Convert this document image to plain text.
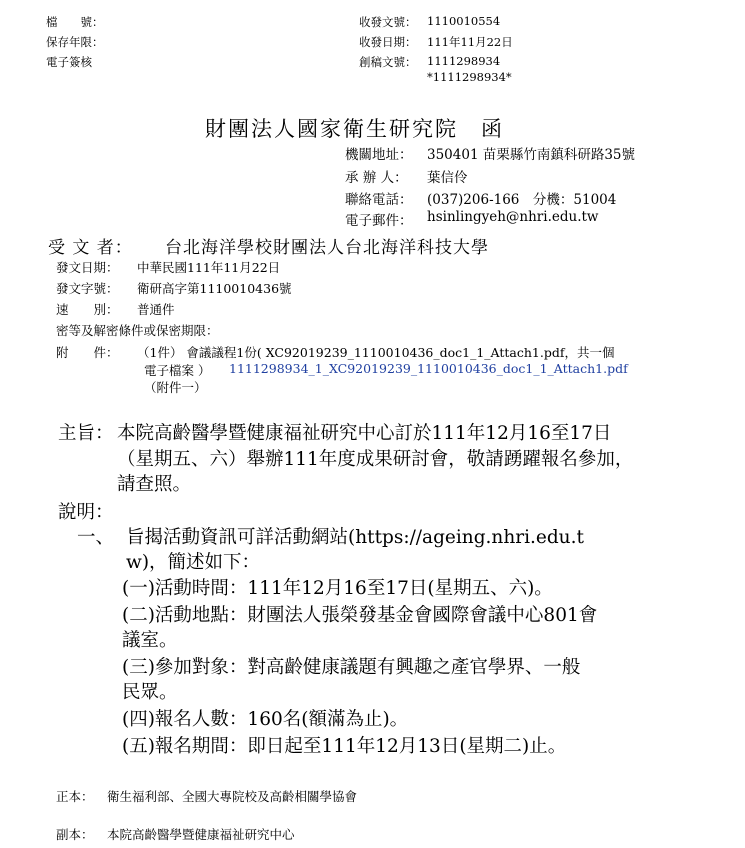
檔　　號：
保存年限：
電子簽核
收發文號：
收發日期：
創稿文號：
1110010554
111年11月22日
1111298934
*1111298934*
財團法人國家衛生研究院　函
機關地址： 350401 苗栗縣竹南鎮科研路35號
承 辦 人： 葉信伶
聯絡電話： (037)206-166　分機：51004
電子郵件： hsinlingyeh@nhri.edu.tw
受 文 者： 台北海洋學校財團法人台北海洋科技大學
發文日期： 中華民國111年11月22日
發文字號： 衛研高字第1110010436號
速　　別： 普通件
密等及解密條件或保密期限：
附　　件： （1件） 會議議程1份( XC92019239_1110010436_doc1_1_Attach1.pdf，共一個
電子檔案 ） 1111298934_1_XC92019239_1110010436_doc1_1_Attach1.pdf
（附件一）
主旨： 本院高齡醫學暨健康福祉研究中心訂於111年12月16至17日
（星期五、六）舉辦111年度成果研討會，敬請踴躍報名參加，
請查照。
說明：
一、 旨揭活動資訊可詳活動網站(https://ageing.nhri.edu.t
w)，簡述如下：
(一)活動時間：111年12月16至17日(星期五、六)。
(二)活動地點：財團法人張榮發基金會國際會議中心801會
議室。
(三)參加對象：對高齡健康議題有興趣之產官學界、一般
民眾。
(四)報名人數：160名(額滿為止)。
(五)報名期間：即日起至111年12月13日(星期二)止。
正本： 衛生福利部、全國大專院校及高齡相關學協會
副本： 本院高齡醫學暨健康福祉研究中心
